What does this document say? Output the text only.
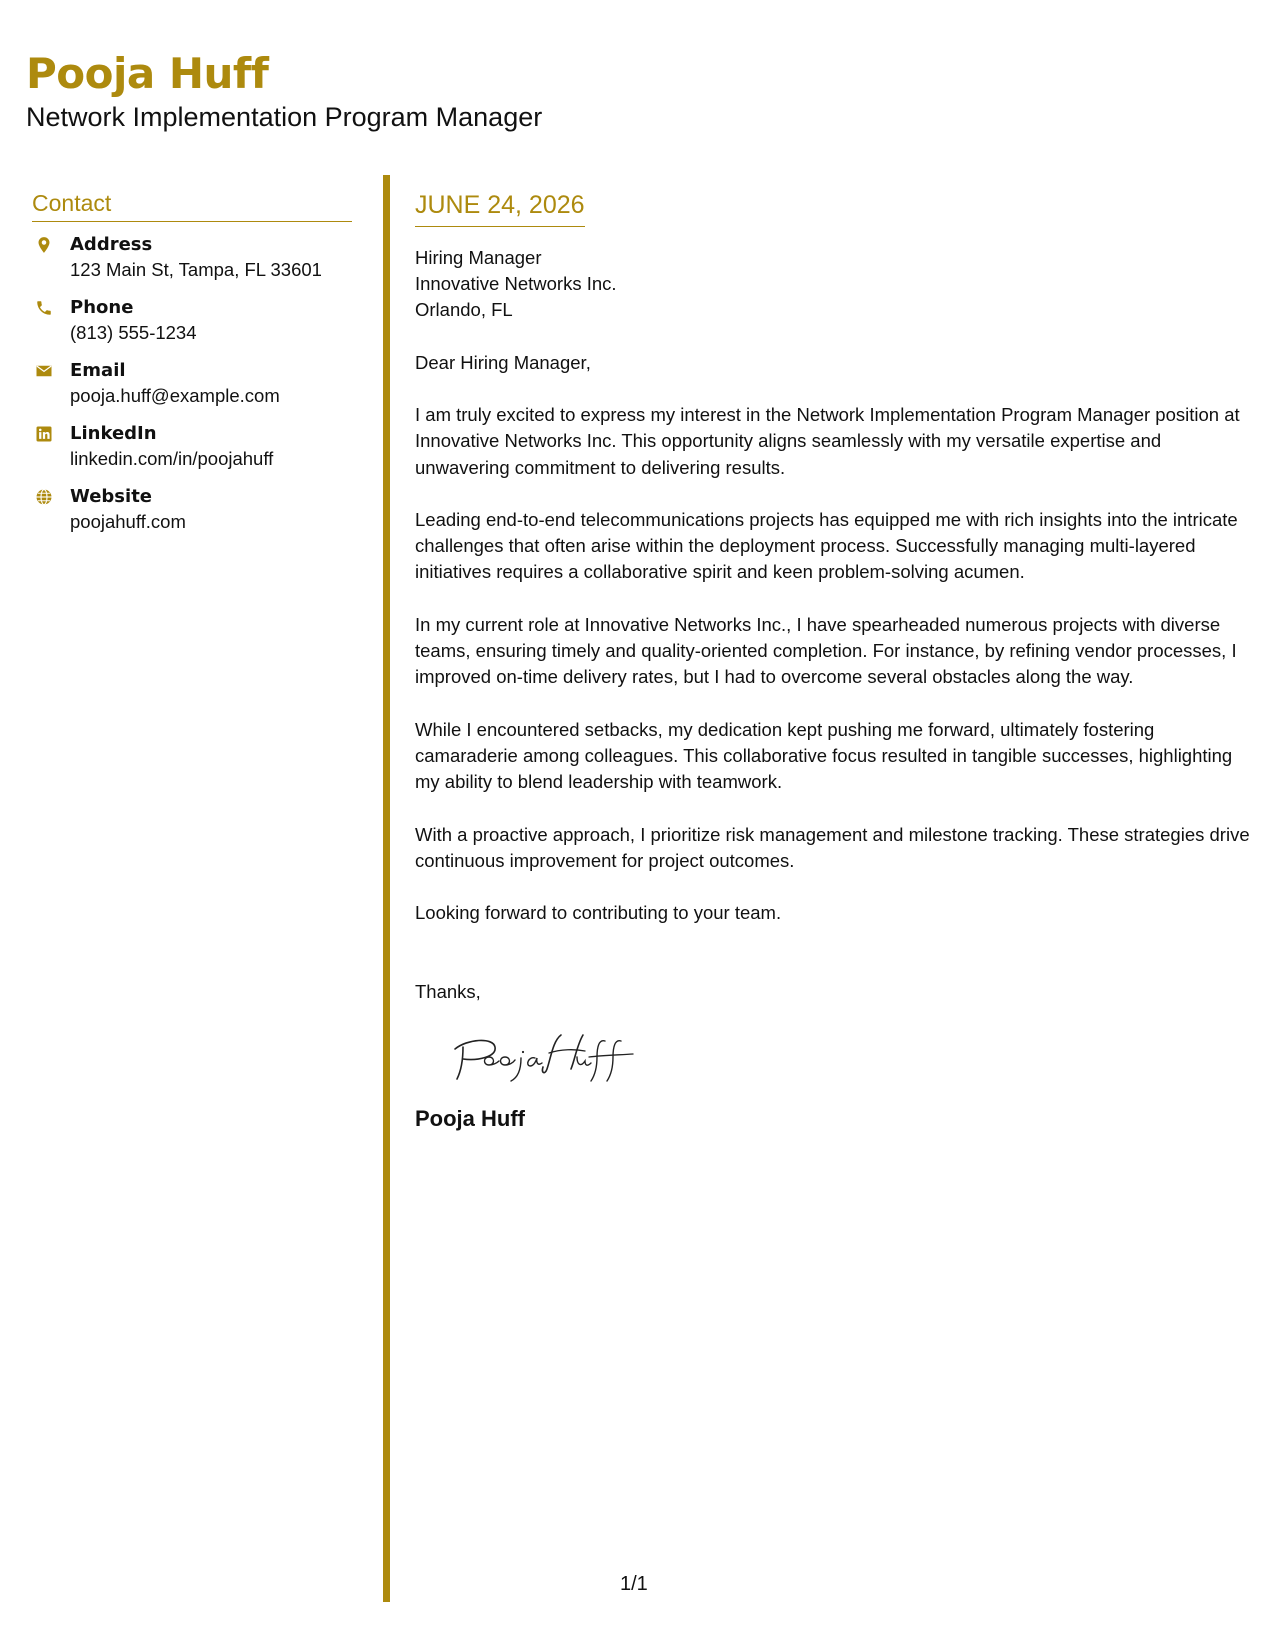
Pooja Huff
Network Implementation Program Manager
Contact
Address
123 Main St, Tampa, FL 33601
Phone
(813) 555-1234
Email
pooja.huff@example.com
LinkedIn
linkedin.com/in/poojahuff
Website
poojahuff.com
JUNE 24, 2026
Hiring Manager
Innovative Networks Inc.
Orlando, FL
Dear Hiring Manager,
I am truly excited to express my interest in the Network Implementation Program Manager position at Innovative Networks Inc. This opportunity aligns seamlessly with my versatile expertise and unwavering commitment to delivering results.
Leading end-to-end telecommunications projects has equipped me with rich insights into the intricate challenges that often arise within the deployment process. Successfully managing multi-layered initiatives requires a collaborative spirit and keen problem-solving acumen.
In my current role at Innovative Networks Inc., I have spearheaded numerous projects with diverse teams, ensuring timely and quality-oriented completion. For instance, by refining vendor processes, I improved on-time delivery rates, but I had to overcome several obstacles along the way.
While I encountered setbacks, my dedication kept pushing me forward, ultimately fostering camaraderie among colleagues. This collaborative focus resulted in tangible successes, highlighting my ability to blend leadership with teamwork.
With a proactive approach, I prioritize risk management and milestone tracking. These strategies drive continuous improvement for project outcomes.
Looking forward to contributing to your team.
Thanks,
Pooja Huff
1/1
